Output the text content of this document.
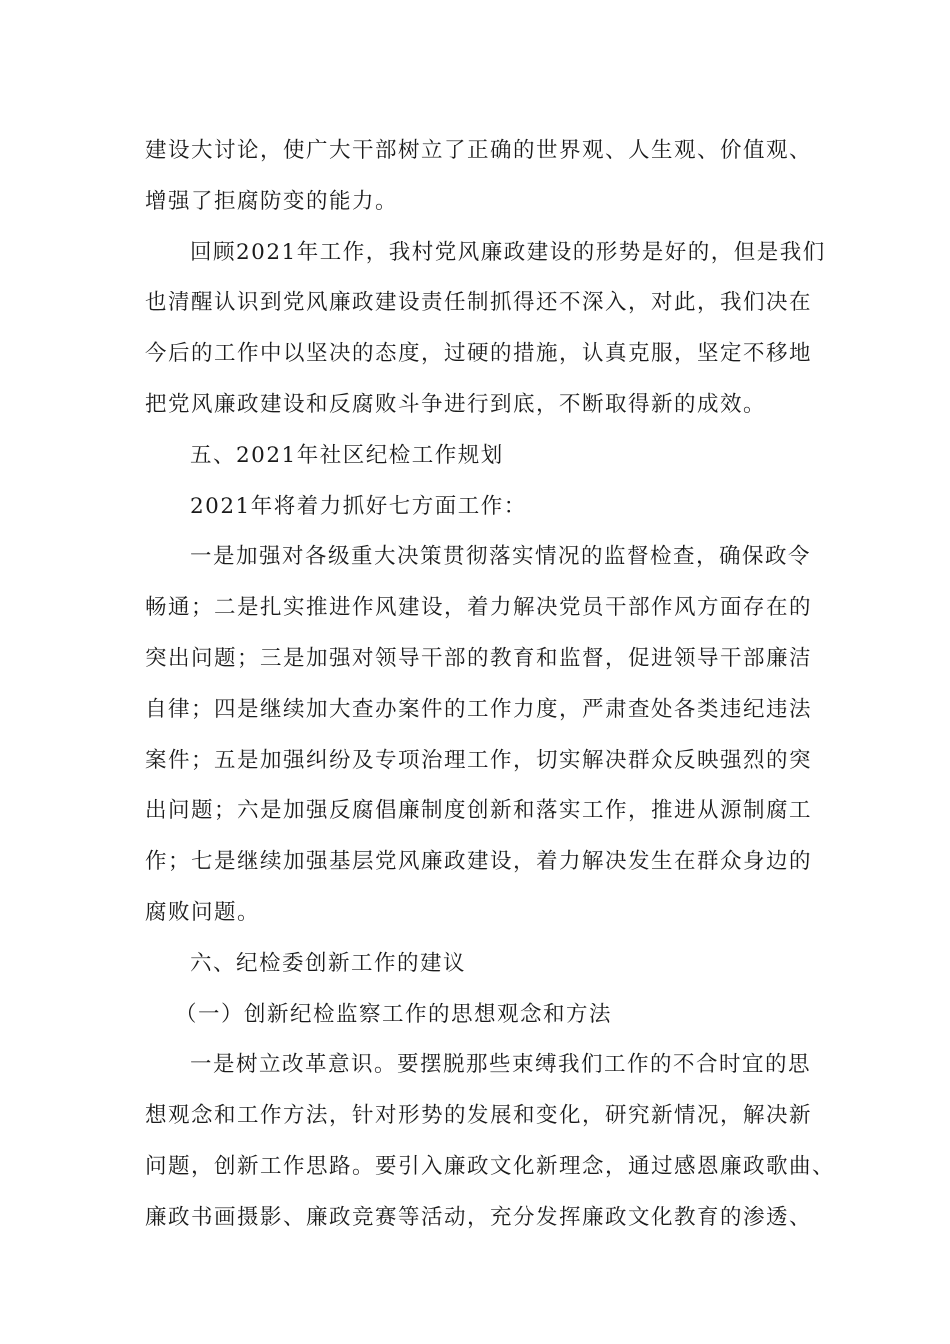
建设大讨论，使广大干部树立了正确的世界观、人生观、价值观、
增强了拒腐防变的能力。
回顾2021年工作，我村党风廉政建设的形势是好的，但是我们
也清醒认识到党风廉政建设责任制抓得还不深入，对此，我们决在
今后的工作中以坚决的态度，过硬的措施，认真克服，坚定不移地
把党风廉政建设和反腐败斗争进行到底，不断取得新的成效。
五、2021年社区纪检工作规划
2021年将着力抓好七方面工作：
一是加强对各级重大决策贯彻落实情况的监督检查，确保政令
畅通；二是扎实推进作风建设，着力解决党员干部作风方面存在的
突出问题；三是加强对领导干部的教育和监督，促进领导干部廉洁
自律；四是继续加大查办案件的工作力度，严肃查处各类违纪违法
案件；五是加强纠纷及专项治理工作，切实解决群众反映强烈的突
出问题；六是加强反腐倡廉制度创新和落实工作，推进从源制腐工
作；七是继续加强基层党风廉政建设，着力解决发生在群众身边的
腐败问题。
六、纪检委创新工作的建议
（一）创新纪检监察工作的思想观念和方法
一是树立改革意识。要摆脱那些束缚我们工作的不合时宜的思
想观念和工作方法，针对形势的发展和变化，研究新情况，解决新
问题，创新工作思路。要引入廉政文化新理念，通过感恩廉政歌曲、
廉政书画摄影、廉政竞赛等活动，充分发挥廉政文化教育的渗透、
